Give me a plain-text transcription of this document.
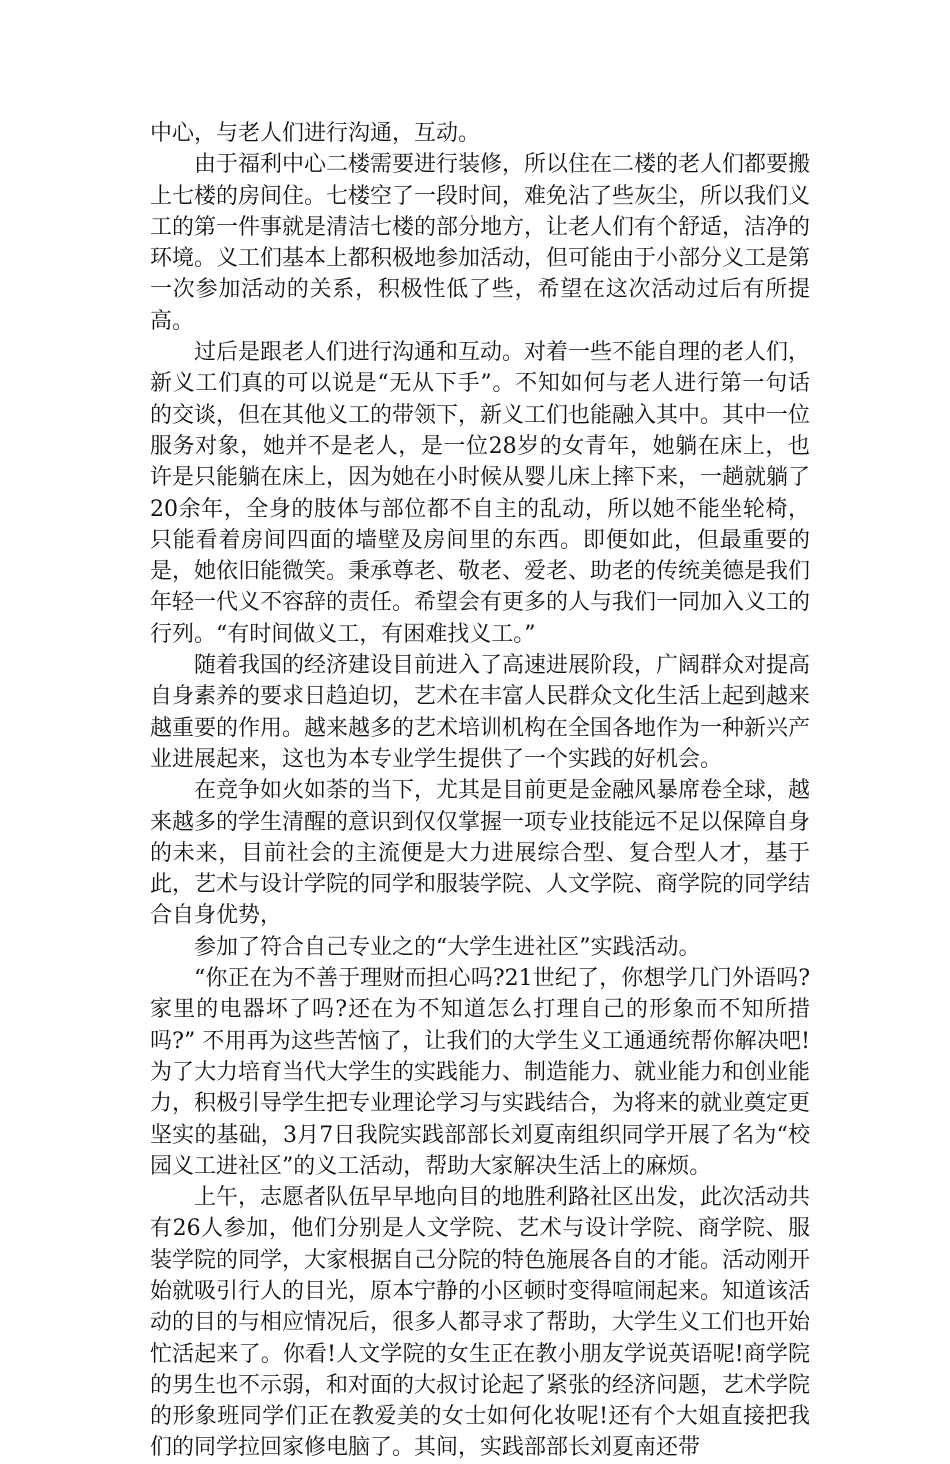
中心，与老人们进行沟通，互动。

由于福利中心二楼需要进行装修，所以住在二楼的老人们都要搬上七楼的房间住。七楼空了一段时间，难免沾了些灰尘，所以我们义工的第一件事就是清洁七楼的部分地方，让老人们有个舒适，洁净的环境。义工们基本上都积极地参加活动，但可能由于小部分义工是第一次参加活动的关系，积极性低了些，希望在这次活动过后有所提高。

过后是跟老人们进行沟通和互动。对着一些不能自理的老人们，新义工们真的可以说是“无从下手”。不知如何与老人进行第一句话的交谈，但在其他义工的带领下，新义工们也能融入其中。其中一位服务对象，她并不是老人，是一位28岁的女青年，她躺在床上，也许是只能躺在床上，因为她在小时候从婴儿床上摔下来，一趟就躺了20余年，全身的肢体与部位都不自主的乱动，所以她不能坐轮椅，只能看着房间四面的墙壁及房间里的东西。即便如此，但最重要的是，她依旧能微笑。秉承尊老、敬老、爱老、助老的传统美德是我们年轻一代义不容辞的责任。希望会有更多的人与我们一同加入义工的行列。“有时间做义工，有困难找义工。”

随着我国的经济建设目前进入了高速进展阶段，广阔群众对提高自身素养的要求日趋迫切，艺术在丰富人民群众文化生活上起到越来越重要的作用。越来越多的艺术培训机构在全国各地作为一种新兴产业进展起来，这也为本专业学生提供了一个实践的好机会。

在竞争如火如荼的当下，尤其是目前更是金融风暴席卷全球，越来越多的学生清醒的意识到仅仅掌握一项专业技能远不足以保障自身的未来，目前社会的主流便是大力进展综合型、复合型人才，基于此，艺术与设计学院的同学和服装学院、人文学院、商学院的同学结合自身优势，

参加了符合自己专业之的“大学生进社区”实践活动。

“你正在为不善于理财而担心吗?21世纪了，你想学几门外语吗?家里的电器坏了吗?还在为不知道怎么打理自己的形象而不知所措吗?” 不用再为这些苦恼了，让我们的大学生义工通通统帮你解决吧!为了大力培育当代大学生的实践能力、制造能力、就业能力和创业能力，积极引导学生把专业理论学习与实践结合，为将来的就业奠定更坚实的基础，3月7日我院实践部部长刘夏南组织同学开展了名为“校园义工进社区”的义工活动，帮助大家解决生活上的麻烦。

上午，志愿者队伍早早地向目的地胜利路社区出发，此次活动共有26人参加，他们分别是人文学院、艺术与设计学院、商学院、服装学院的同学，大家根据自己分院的特色施展各自的才能。活动刚开始就吸引行人的目光，原本宁静的小区顿时变得喧闹起来。知道该活动的目的与相应情况后，很多人都寻求了帮助，大学生义工们也开始忙活起来了。你看!人文学院的女生正在教小朋友学说英语呢!商学院的男生也不示弱，和对面的大叔讨论起了紧张的经济问题，艺术学院的形象班同学们正在教爱美的女士如何化妆呢!还有个大姐直接把我们的同学拉回家修电脑了。其间，实践部部长刘夏南还带
